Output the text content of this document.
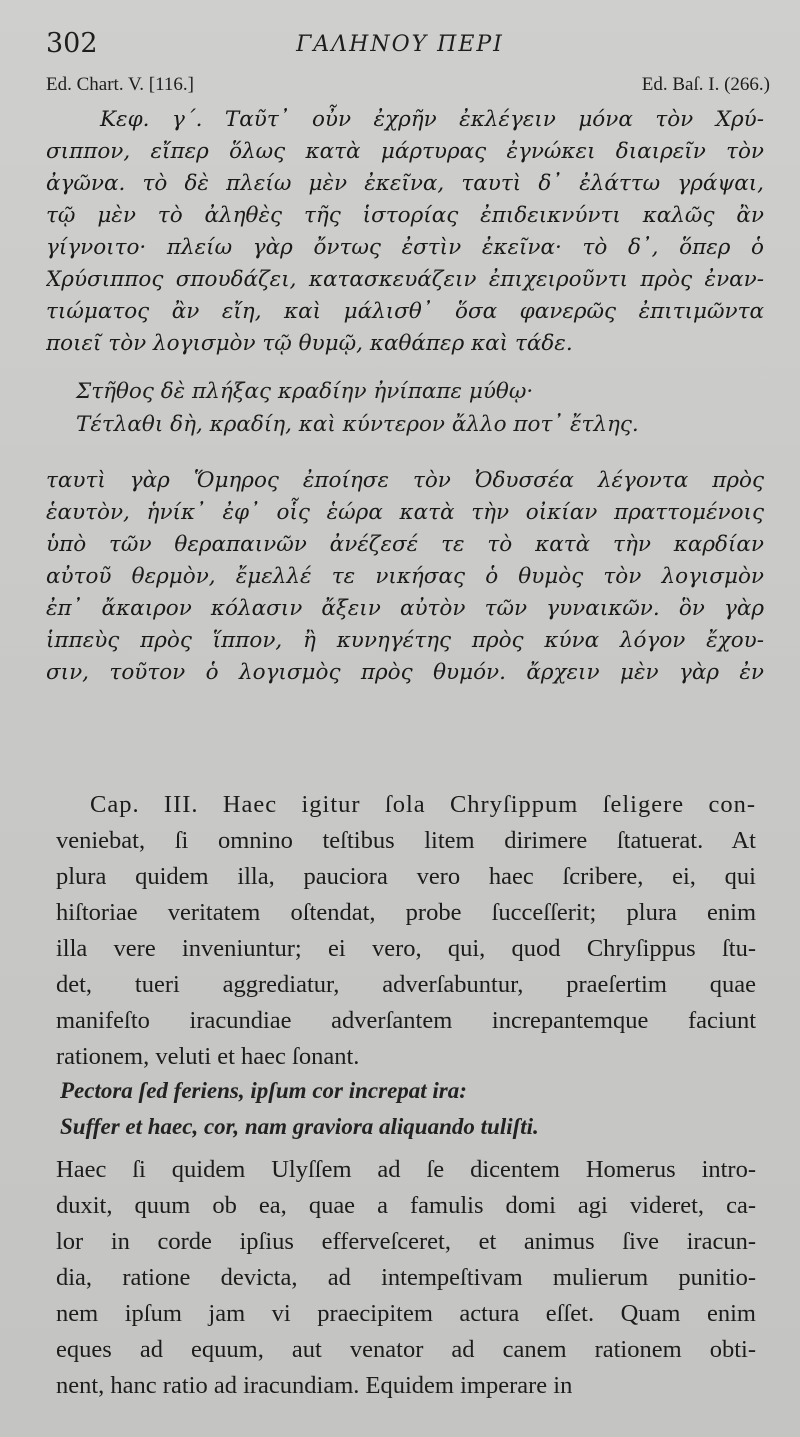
302	ΓΑΛΗΝΟΥ ΠΕΡΙ
Ed. Chart. V. [116.]	Ed. Baſ. I. (266.)
Κεφ. γ΄. Ταῦτ᾽ οὖν ἐχρῆν ἐκλέγειν μόνα τὸν Χρύ-
σιππον, εἴπερ ὅλως κατὰ μάρτυρας ἐγνώκει διαιρεῖν τὸν
ἀγῶνα. τὸ δὲ πλείω μὲν ἐκεῖνα, ταυτὶ δ᾽ ἐλάττω γράψαι,
τῷ μὲν τὸ ἀληθὲς τῆς ἱστορίας ἐπιδεικνύντι καλῶς ἂν
γίγνοιτο· πλείω γὰρ ὄντως ἐστὶν ἐκεῖνα· τὸ δ᾽, ὅπερ ὁ
Χρύσιππος σπουδάζει, κατασκευάζειν ἐπιχειροῦντι πρὸς ἐναν-
τιώματος ἂν εἴη, καὶ μάλισθ᾽ ὅσα φανερῶς ἐπιτιμῶντα
ποιεῖ τὸν λογισμὸν τῷ θυμῷ, καθάπερ καὶ τάδε.
Στῆθος δὲ πλήξας κραδίην ἠνίπαπε μύθῳ·
Τέτλαθι δὴ, κραδίη, καὶ κύντερον ἄλλο ποτ᾽ ἔτλης.
ταυτὶ γὰρ Ὅμηρος ἐποίησε τὸν Ὀδυσσέα λέγοντα πρὸς
ἑαυτὸν, ἡνίκ᾽ ἐφ᾽ οἷς ἑώρα κατὰ τὴν οἰκίαν πραττομένοις
ὑπὸ τῶν θεραπαινῶν ἀνέζεσέ τε τὸ κατὰ τὴν καρδίαν
αὐτοῦ θερμὸν, ἔμελλέ τε νικήσας ὁ θυμὸς τὸν λογισμὸν
ἐπ᾽ ἄκαιρον κόλασιν ἄξειν αὐτὸν τῶν γυναικῶν. ὃν γὰρ
ἱππεὺς πρὸς ἵππον, ἢ κυνηγέτης πρὸς κύνα λόγον ἔχου-
σιν, τοῦτον ὁ λογισμὸς πρὸς θυμόν. ἄρχειν μὲν γὰρ ἐν
Cap. III. Haec igitur ſola Chryſippum ſeligere con-
veniebat, ſi omnino teſtibus litem dirimere ſtatuerat. At
plura quidem illa, pauciora vero haec ſcribere, ei, qui
hiſtoriae veritatem oſtendat, probe ſucceſſerit; plura enim
illa vere inveniuntur; ei vero, qui, quod Chryſippus ſtu-
det, tueri aggrediatur, adverſabuntur, praeſertim quae
manifeſto iracundiae adverſantem increpantemque faciunt
rationem, veluti et haec ſonant.
Pectora ſed feriens, ipſum cor increpat ira:
Suffer et haec, cor, nam graviora aliquando tuliſti.
Haec ſi quidem Ulyſſem ad ſe dicentem Homerus intro-
duxit, quum ob ea, quae a famulis domi agi videret, ca-
lor in corde ipſius efferveſceret, et animus ſive iracun-
dia, ratione devicta, ad intempeſtivam mulierum punitio-
nem ipſum jam vi praecipitem actura eſſet. Quam enim
eques ad equum, aut venator ad canem rationem obti-
nent, hanc ratio ad iracundiam. Equidem imperare in
